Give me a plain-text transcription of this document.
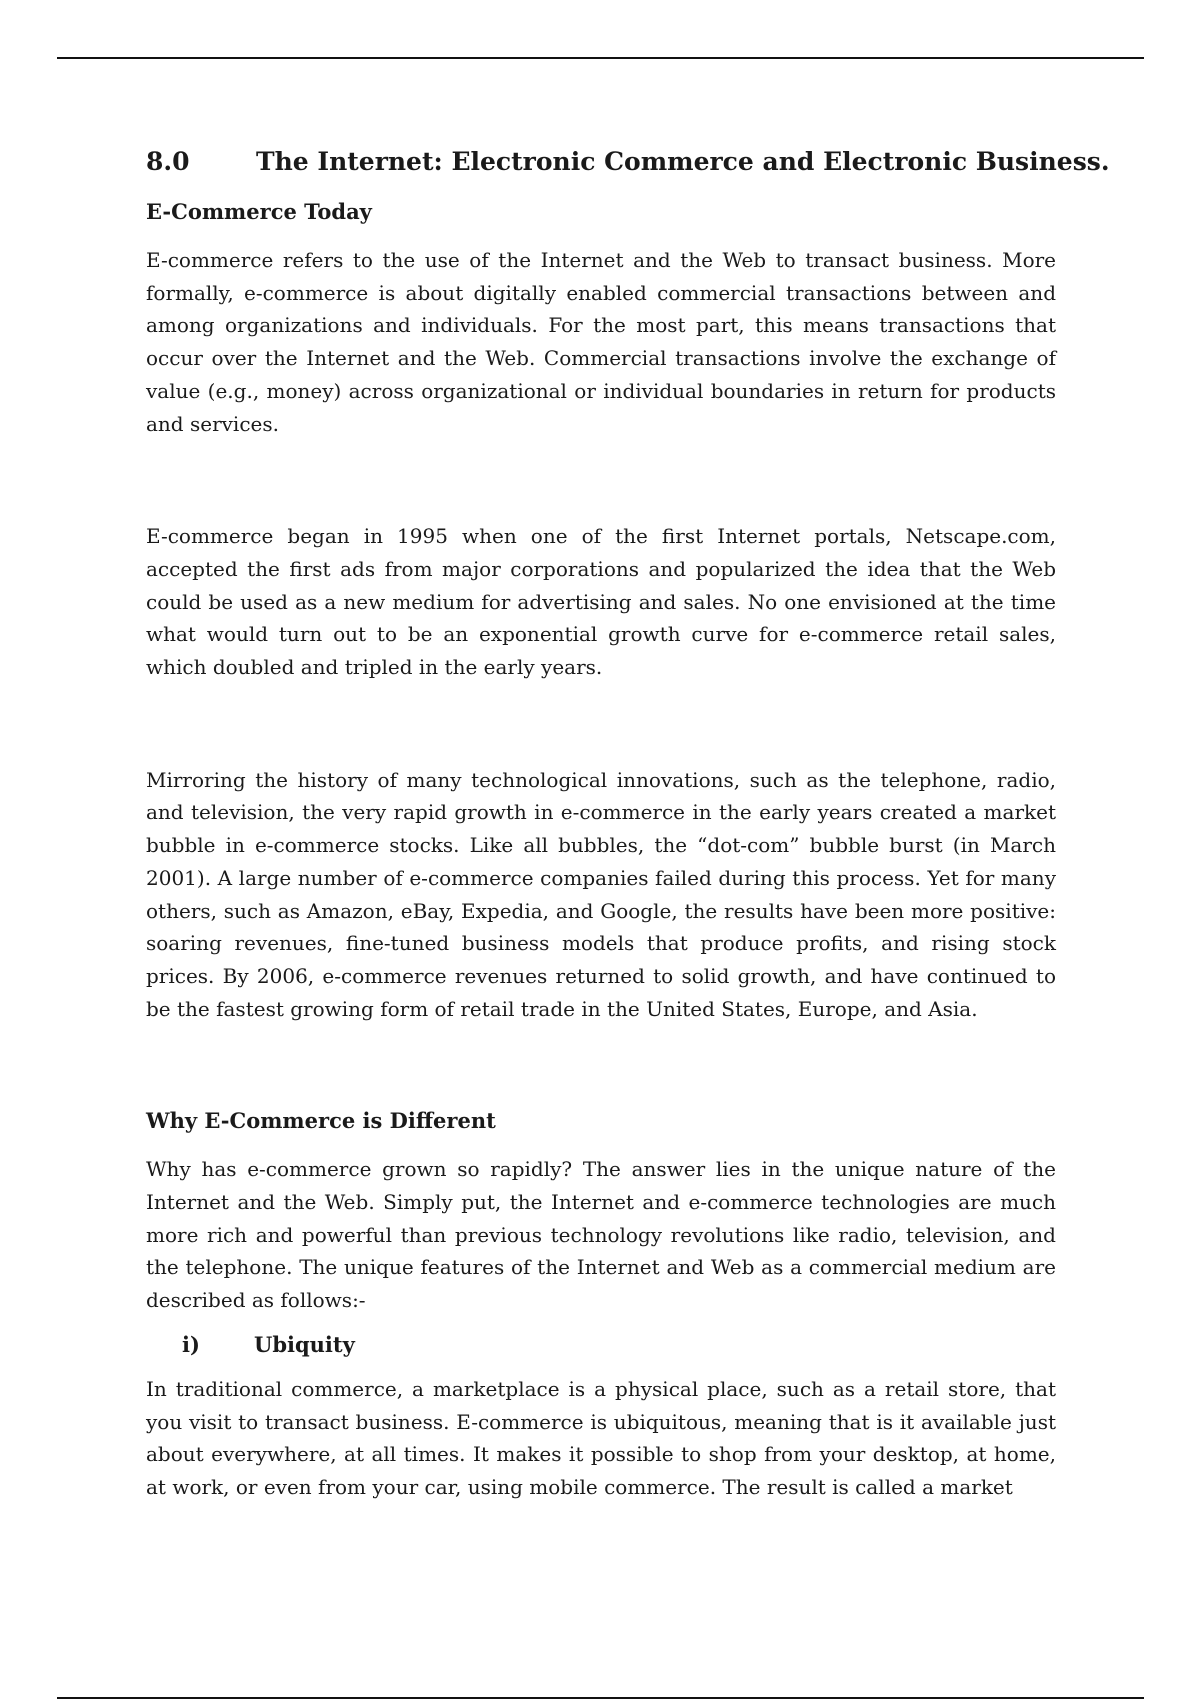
8.0	The Internet: Electronic Commerce and Electronic Business.
E-Commerce Today

E-commerce refers to the use of the Internet and the Web to transact business. More formally, e-commerce is about digitally enabled commercial transactions between and among organizations and individuals. For the most part, this means transactions that occur over the Internet and the Web. Commercial transactions involve the exchange of value (e.g., money) across organizational or individual boundaries in return for products and services.

E-commerce began in 1995 when one of the first Internet portals, Netscape.com, accepted the first ads from major corporations and popularized the idea that the Web could be used as a new medium for advertising and sales. No one envisioned at the time what would turn out to be an exponential growth curve for e-commerce retail sales, which doubled and tripled in the early years.

Mirroring the history of many technological innovations, such as the telephone, radio, and television, the very rapid growth in e-commerce in the early years created a market bubble in e-commerce stocks. Like all bubbles, the “dot-com” bubble burst (in March 2001). A large number of e-commerce companies failed during this process. Yet for many others, such as Amazon, eBay, Expedia, and Google, the results have been more positive: soaring revenues, fine-tuned business models that produce profits, and rising stock prices. By 2006, e-commerce revenues returned to solid growth, and have continued to be the fastest growing form of retail trade in the United States, Europe, and Asia.

Why E-Commerce is Different

Why has e-commerce grown so rapidly? The answer lies in the unique nature of the Internet and the Web. Simply put, the Internet and e-commerce technologies are much more rich and powerful than previous technology revolutions like radio, television, and the telephone. The unique features of the Internet and Web as a commercial medium are described as follows:-

i)	Ubiquity

In traditional commerce, a marketplace is a physical place, such as a retail store, that you visit to transact business. E-commerce is ubiquitous, meaning that is it available just about everywhere, at all times. It makes it possible to shop from your desktop, at home, at work, or even from your car, using mobile commerce. The result is called a market
